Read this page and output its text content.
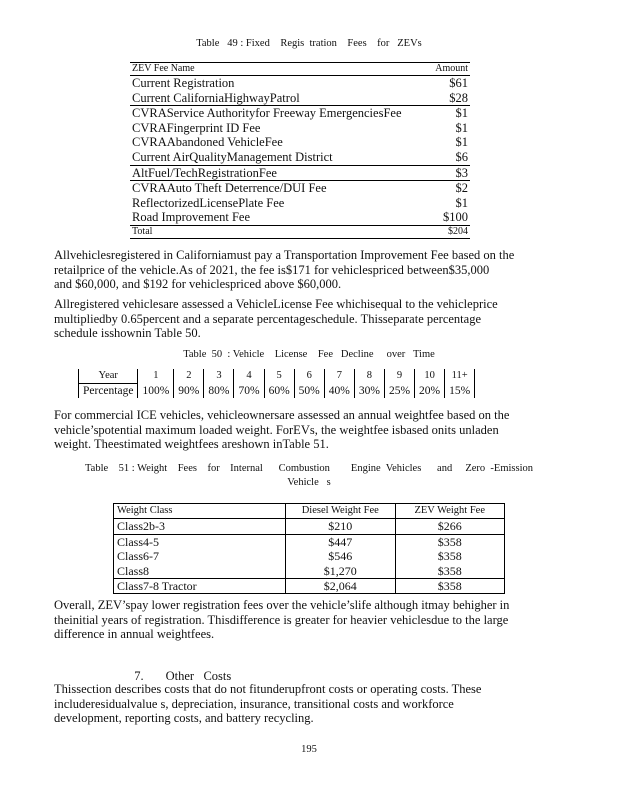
Table   49 : Fixed    Regis  tration    Fees    for   ZEVs
ZEV Fee Name	Amount
Current Registration	$61
Current CaliforniaHighwayPatrol	$28
CVRAService Authorityfor Freeway EmergenciesFee	$1
CVRAFingerprint ID Fee	$1
CVRAAbandoned VehicleFee	$1
Current AirQualityManagement District	$6
AltFuel/TechRegistrationFee	$3
CVRAAuto Theft Deterrence/DUI Fee	$2
ReflectorizedLicensePlate Fee	$1
Road Improvement Fee	$100
Total	$204
Allvehiclesregistered in Californiamust pay a Transportation Improvement Fee based on the
retailprice of the vehicle.As of 2021, the fee is$171 for vehiclespriced between$35,000
and $60,000, and $192 for vehiclespriced above $60,000.
Allregistered vehiclesare assessed a VehicleLicense Fee whichisequal to the vehicleprice
multipliedby 0.65percent and a separate percentageschedule. Thisseparate percentage
schedule isshownin Table 50.
Table  50  : Vehicle    License    Fee   Decline     over   Time
Year	1	2	3	4	5	6	7	8	9	10	11+
Percentage	100%	90%	80%	70%	60%	50%	40%	30%	25%	20%	15%
For commercial ICE vehicles, vehicleownersare assessed an annual weightfee based on the
vehicle’spotential maximum loaded weight. ForEVs, the weightfee isbased onits unladen
weight. Theestimated weightfees areshown inTable 51.
Table    51 : Weight    Fees    for    Internal      Combustion        Engine  Vehicles      and     Zero  -Emission
Vehicle   s
Weight Class	Diesel Weight Fee	ZEV Weight Fee
Class2b-3	$210	$266
Class4-5	$447	$358
Class6-7	$546	$358
Class8	$1,270	$358
Class7-8 Tractor	$2,064	$358
Overall, ZEV’spay lower registration fees over the vehicle’slife although itmay behigher in
theinitial years of registration. Thisdifference is greater for heavier vehiclesdue to the large
difference in annual weightfees.

7. Other   Costs

Thissection describes costs that do not fitunderupfront costs or operating costs. These
includeresidualvalue s, depreciation, insurance, transitional costs and workforce
development, reporting costs, and battery recycling.
195
